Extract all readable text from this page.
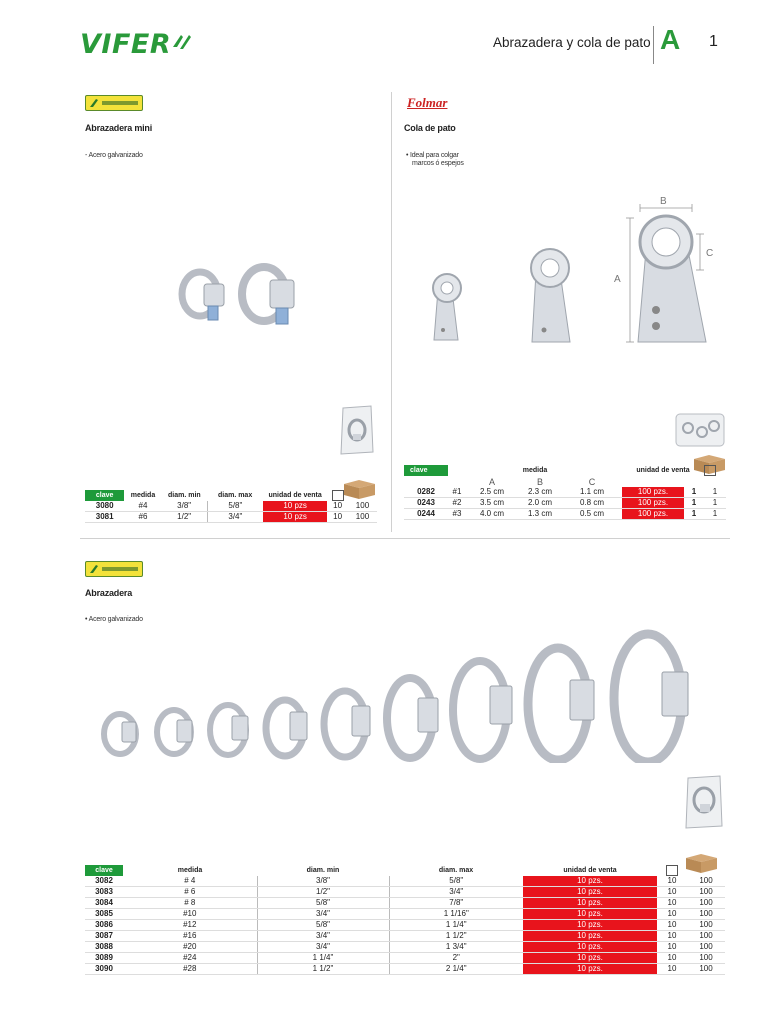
VIFER	Abrazadera y cola de pato A 1
Abrazadera mini
- Acero galvanizado
clave	medida	diam. min	diam. max	unidad de venta	

3080	#4	3/8"	5/8"	10 pzs	10	100
3081	#6	1/2"	3/4"	10 pzs	10	100
Folmar
Cola de pato
• Ideal para colgar
marcos ó espejos
B
A
C
clave	medida				unidad de venta		

		A	B	C			
0282	#1	2.5 cm	2.3 cm	1.1 cm	100 pzs.	1	1
0243	#2	3.5 cm	2.0 cm	0.8 cm	100 pzs.	1	1
0244	#3	4.0 cm	1.3 cm	0.5 cm	100 pzs.	1	1
Abrazadera
• Acero galvanizado
clave	medida	diam. min	diam. max	unidad de venta	

3082	# 4	3/8"	5/8"	10 pzs.	10	100
3083	# 6	1/2"	3/4"	10 pzs.	10	100
3084	# 8	5/8"	7/8"	10 pzs.	10	100
3085	#10	3/4"	1 1/16"	10 pzs.	10	100
3086	#12	5/8"	1 1/4"	10 pzs.	10	100
3087	#16	3/4"	1 1/2"	10 pzs.	10	100
3088	#20	3/4"	1 3/4"	10 pzs.	10	100
3089	#24	1 1/4"	2"	10 pzs.	10	100
3090	#28	1 1/2"	2 1/4"	10 pzs.	10	100
